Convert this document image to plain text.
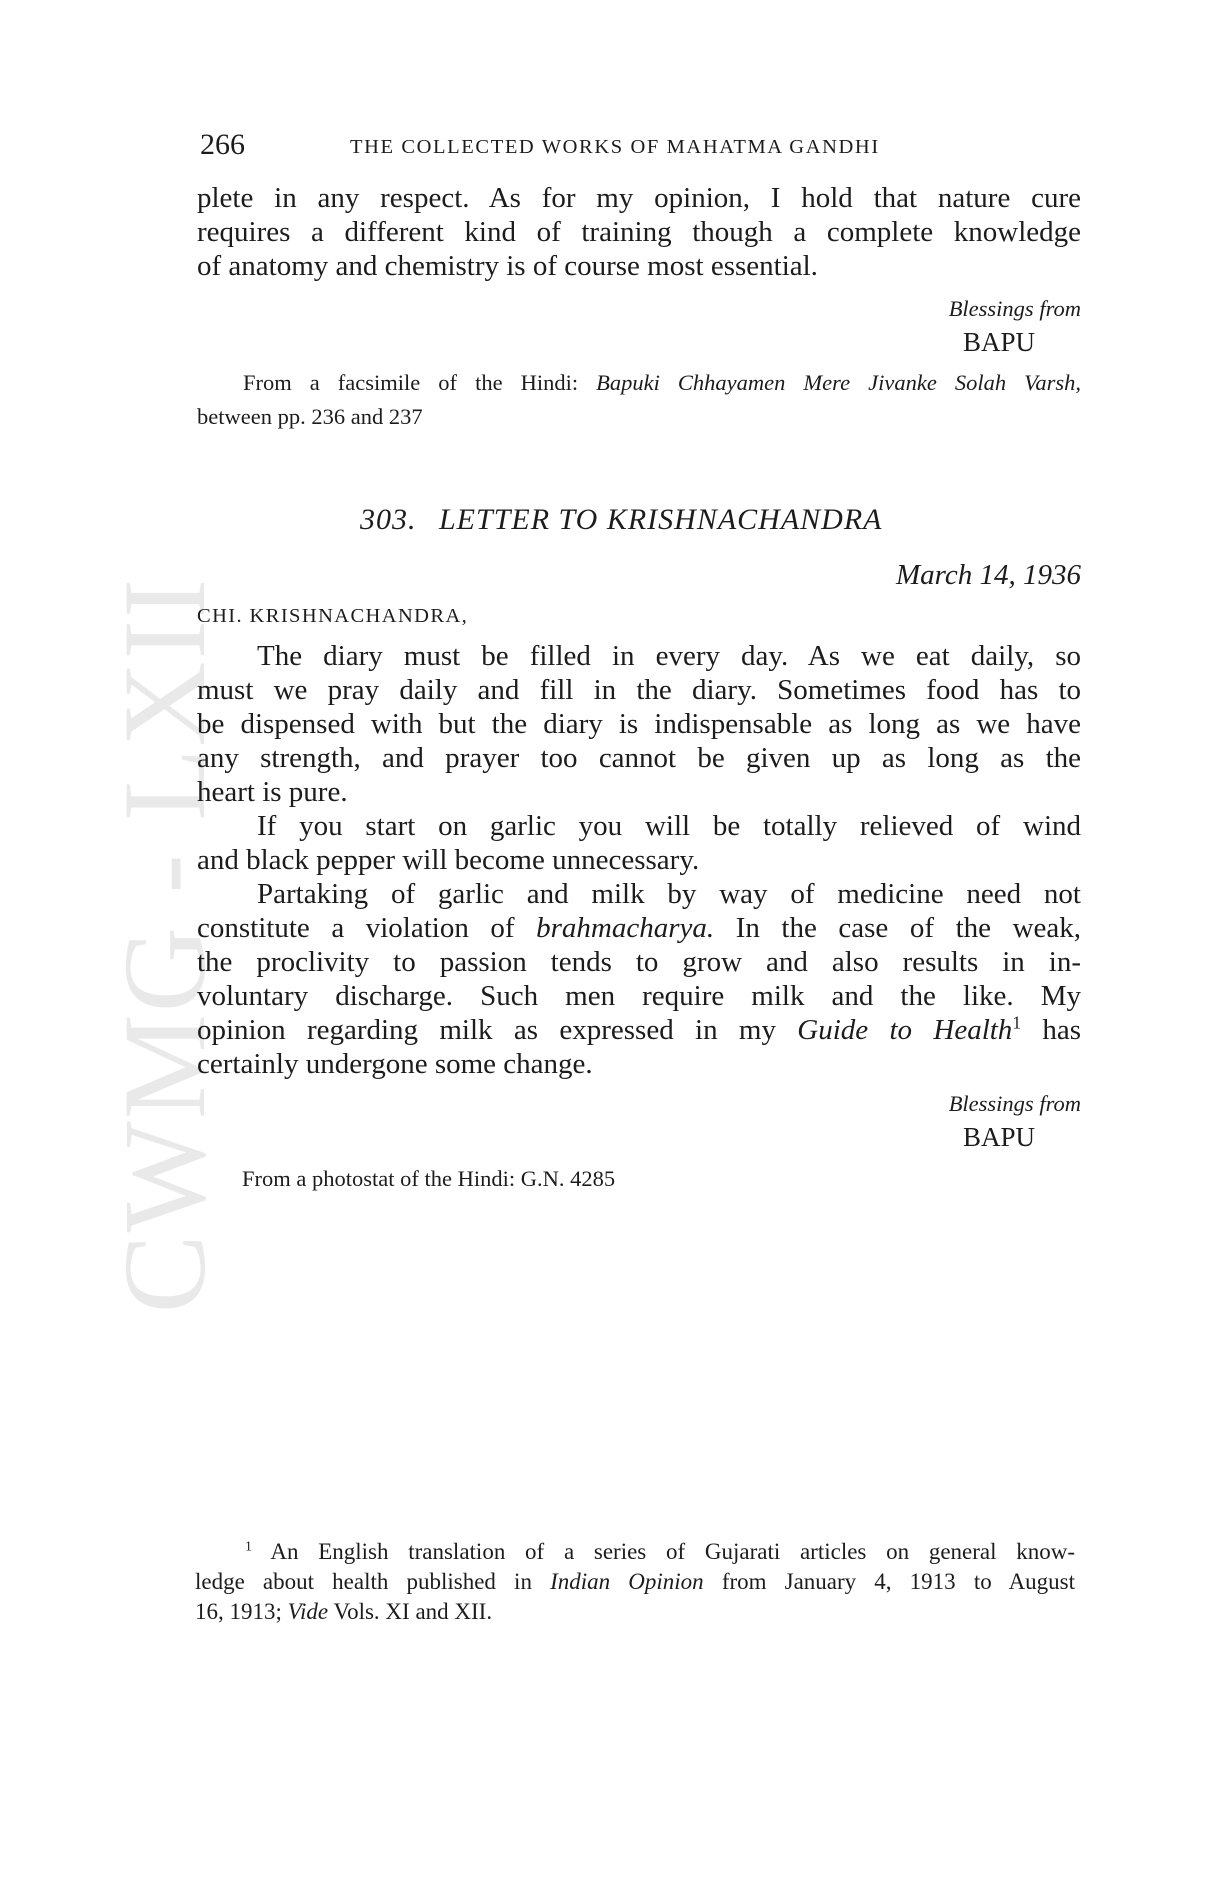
CWMG - LXII
266	THE COLLECTED WORKS OF MAHATMA GANDHI
plete in any respect. As for my opinion, I hold that nature cure
requires a different kind of training though a complete knowledge
of anatomy and chemistry is of course most essential.
Blessings from
BAPU
From a facsimile of the Hindi: Bapuki Chhayamen Mere Jivanke Solah Varsh,
between pp. 236 and 237
303. LETTER TO KRISHNACHANDRA
March 14, 1936
CHI. KRISHNACHANDRA,
The diary must be filled in every day. As we eat daily, so
must we pray daily and fill in the diary. Sometimes food has to
be dispensed with but the diary is indispensable as long as we have
any strength, and prayer too cannot be given up as long as the
heart is pure.
If you start on garlic you will be totally relieved of wind
and black pepper will become unnecessary.
Partaking of garlic and milk by way of medicine need not
constitute a violation of brahmacharya. In the case of the weak,
the proclivity to passion tends to grow and also results in in-
voluntary discharge. Such men require milk and the like. My
opinion regarding milk as expressed in my Guide to Health$^1$ has
certainly undergone some change.
Blessings from
BAPU
From a photostat of the Hindi: G.N. 4285
$^1$ An English translation of a series of Gujarati articles on general know-
ledge about health published in Indian Opinion from January 4, 1913 to August
16, 1913; Vide Vols. XI and XII.
